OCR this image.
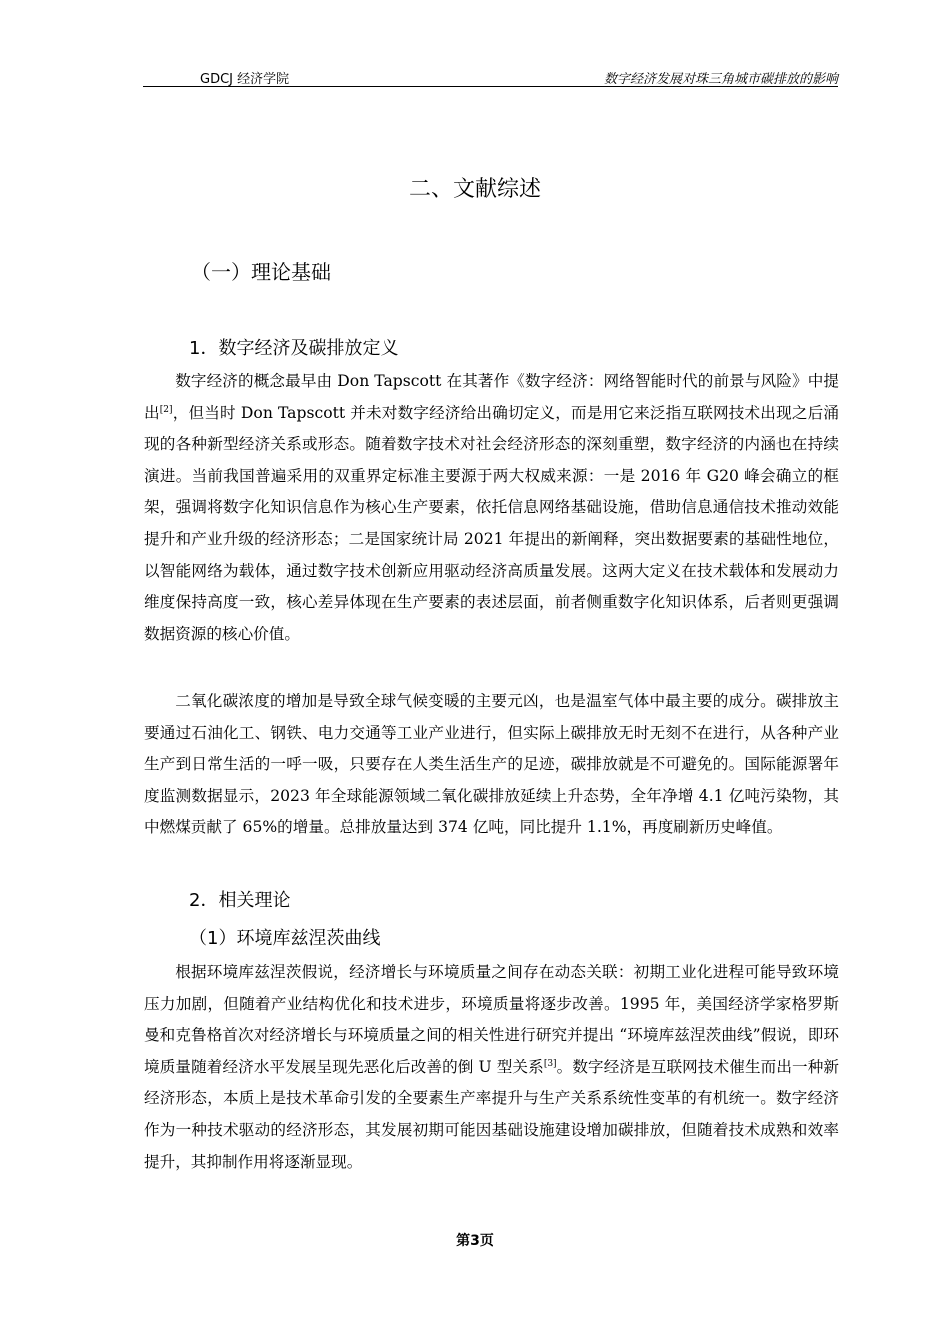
GDCJ 经济学院	数字经济发展对珠三角城市碳排放的影响
二、文献综述
（一）理论基础
1．数字经济及碳排放定义

数字经济的概念最早由 Don Tapscott 在其著作《数字经济：网络智能时代的前景与风险》中提出[2]，但当时 Don Tapscott 并未对数字经济给出确切定义，而是用它来泛指互联网技术出现之后涌现的各种新型经济关系或形态。随着数字技术对社会经济形态的深刻重塑，数字经济的内涵也在持续演进。当前我国普遍采用的双重界定标准主要源于两大权威来源：一是 2016 年 G20 峰会确立的框架，强调将数字化知识信息作为核心生产要素，依托信息网络基础设施，借助信息通信技术推动效能提升和产业升级的经济形态；二是国家统计局 2021 年提出的新阐释，突出数据要素的基础性地位，以智能网络为载体，通过数字技术创新应用驱动经济高质量发展。这两大定义在技术载体和发展动力维度保持高度一致，核心差异体现在生产要素的表述层面，前者侧重数字化知识体系，后者则更强调数据资源的核心价值。

二氧化碳浓度的增加是导致全球气候变暖的主要元凶，也是温室气体中最主要的成分。碳排放主要通过石油化工、钢铁、电力交通等工业产业进行，但实际上碳排放无时无刻不在进行，从各种产业生产到日常生活的一呼一吸，只要存在人类生活生产的足迹，碳排放就是不可避免的。国际能源署年度监测数据显示，2023 年全球能源领域二氧化碳排放延续上升态势，全年净增 4.1 亿吨污染物，其中燃煤贡献了 65%的增量。总排放量达到 374 亿吨，同比提升 1.1%，再度刷新历史峰值。

2．相关理论
（1）环境库兹涅茨曲线

根据环境库兹涅茨假说，经济增长与环境质量之间存在动态关联：初期工业化进程可能导致环境压力加剧，但随着产业结构优化和技术进步，环境质量将逐步改善。1995 年，美国经济学家格罗斯曼和克鲁格首次对经济增长与环境质量之间的相关性进行研究并提出 “环境库兹涅茨曲线”假说，即环境质量随着经济水平发展呈现先恶化后改善的倒 U 型关系[3]。数字经济是互联网技术催生而出一种新经济形态，本质上是技术革命引发的全要素生产率提升与生产关系系统性变革的有机统一。数字经济作为一种技术驱动的经济形态，其发展初期可能因基础设施建设增加碳排放，但随着技术成熟和效率提升，其抑制作用将逐渐显现。

第3页
